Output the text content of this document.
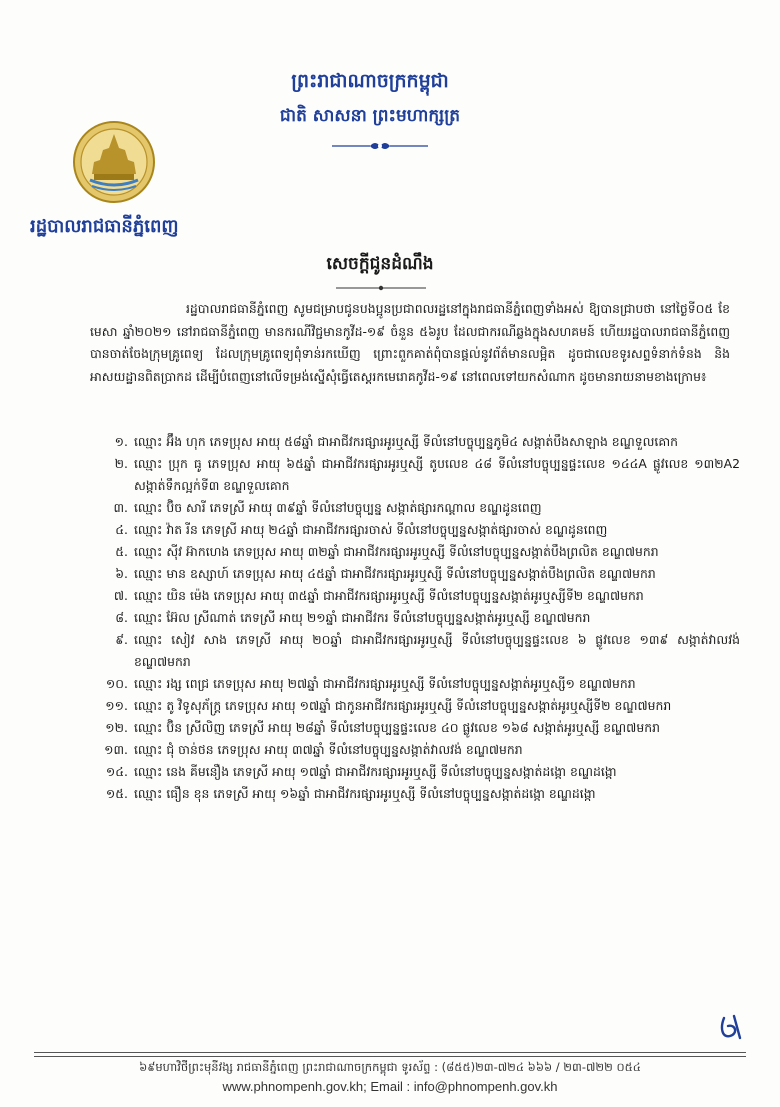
ព្រះរាជាណាចក្រកម្ពុជា
ជាតិ សាសនា ព្រះមហាក្សត្រ
រដ្ឋបាលរាជធានីភ្នំពេញ
សេចក្ដីជូនដំណឹង

រដ្ឋបាលរាជធានីភ្នំពេញ សូមជម្រាបជូនបងប្អូនប្រជាពលរដ្ឋនៅក្នុងរាជធានីភ្នំពេញទាំងអស់ ឱ្យបានជ្រាបថា នៅថ្ងៃទី០៥ ខែមេសា ឆ្នាំ២០២១ នៅរាជធានីភ្នំពេញ មានករណីវិជ្ជមានកូវីដ-១៩ ចំនួន ៥៦រូប ដែលជាករណីឆ្លងក្នុងសហគមន៍ ហើយរដ្ឋបាលរាជធានីភ្នំពេញបានចាត់ចែងក្រុមគ្រូពេទ្យ ដែលក្រុមគ្រូពេទ្យពុំទាន់រកឃើញ ព្រោះពួកគាត់ពុំបានផ្ដល់នូវព័ត៌មានលម្អិត ដូចជាលេខទូរសព្ទទំនាក់ទំនង និងអាសយដ្ឋានពិតប្រាកដ ដើម្បីបំពេញនៅលើទម្រង់ស្នើសុំធ្វើតេស្តរកមេរោគកូវីដ-១៩ នៅពេលទៅយកសំណាក ដូចមានរាយនាមខាងក្រោម៖

១. ឈ្មោះ អ៊ឹង ហុក ភេទប្រុស អាយុ ៥៨ឆ្នាំ ជាអាជីវករផ្សារអូរឬស្សី ទីលំនៅបច្ចុប្បន្នភូមិ៤ សង្កាត់បឹងសាឡាង ខណ្ឌទួលគោក
២. ឈ្មោះ ប្រុក ធូ ភេទប្រុស អាយុ ៦៥ឆ្នាំ ជាអាជីវករផ្សារអូរឬស្សី តូបលេខ ៤៨ ទីលំនៅបច្ចុប្បន្នផ្ទះលេខ ១៤៤A ផ្លូវលេខ ១៣២A2 សង្កាត់ទឹកល្អក់ទី៣ ខណ្ឌទួលគោក
៣. ឈ្មោះ ប៊ិច សារី ភេទស្រី អាយុ ៣៩ឆ្នាំ ទីលំនៅបច្ចុប្បន្ន សង្កាត់ផ្សារកណ្ដាល ខណ្ឌដូនពេញ
៤. ឈ្មោះ វ៉ាត រីន ភេទស្រី អាយុ ២៤ឆ្នាំ ជាអាជីវករផ្សារចាស់ ទីលំនៅបច្ចុប្បន្នសង្កាត់ផ្សារចាស់ ខណ្ឌដូនពេញ
៥. ឈ្មោះ ស៊ីវ អ៊ាកហេង ភេទប្រុស អាយុ ៣២ឆ្នាំ ជាអាជីវករផ្សារអូរឬស្សី ទីលំនៅបច្ចុប្បន្នសង្កាត់បឹងព្រលិត ខណ្ឌ៧មករា
៦. ឈ្មោះ មាន ឧស្សាហ៍ ភេទប្រុស អាយុ ៤៥ឆ្នាំ ជាអាជីវករផ្សារអូរឬស្សី ទីលំនៅបច្ចុប្បន្នសង្កាត់បឹងព្រលិត ខណ្ឌ៧មករា
៧. ឈ្មោះ យិន ម៉េង ភេទប្រុស អាយុ ៣៥ឆ្នាំ ជាអាជីវករផ្សារអូរឬស្សី ទីលំនៅបច្ចុប្បន្នសង្កាត់អូរឬស្សីទី២ ខណ្ឌ៧មករា
៨. ឈ្មោះ អ៊ែល ស្រីណាត់ ភេទស្រី អាយុ ២១ឆ្នាំ ជាអាជីវករ ទីលំនៅបច្ចុប្បន្នសង្កាត់អូរឬស្សី ខណ្ឌ៧មករា
៩. ឈ្មោះ សៀវ សាង ភេទស្រី អាយុ ២០ឆ្នាំ ជាអាជីវករផ្សារអូរឬស្សី ទីលំនៅបច្ចុប្បន្នផ្ទះលេខ ៦ ផ្លូវលេខ ១៣៩ សង្កាត់វាលវង់ ខណ្ឌ៧មករា
១០. ឈ្មោះ រង្ស ពេជ្រ ភេទប្រុស អាយុ ២៧ឆ្នាំ ជាអាជីវករផ្សារអូរឬស្សី ទីលំនៅបច្ចុប្បន្នសង្កាត់អូរឬស្សី១ ខណ្ឌ៧មករា
១១. ឈ្មោះ តូ វិទូសុភ័ក្រ្ត ភេទប្រុស អាយុ ១៧ឆ្នាំ ជាកូនអាជីវករផ្សារអូរឬស្សី ទីលំនៅបច្ចុប្បន្នសង្កាត់អូរឬស្សីទី២ ខណ្ឌ៧មករា
១២. ឈ្មោះ ប៊ិន ស្រីលិញ ភេទស្រី អាយុ ២៨ឆ្នាំ ទីលំនៅបច្ចុប្បន្នផ្ទះលេខ ៤០ ផ្លូវលេខ ១៦៨ សង្កាត់អូរឬស្សី ខណ្ឌ៧មករា
១៣. ឈ្មោះ ជុំ ចាន់ថន ភេទប្រុស អាយុ ៣៧ឆ្នាំ ទីលំនៅបច្ចុប្បន្នសង្កាត់វាលវង់ ខណ្ឌ៧មករា
១៤. ឈ្មោះ នេង គីមនឿង ភេទស្រី អាយុ ១៧ឆ្នាំ ជាអាជីវករផ្សារអូរឬស្សី ទីលំនៅបច្ចុប្បន្នសង្កាត់ដង្កោ ខណ្ឌដង្កោ
១៥. ឈ្មោះ ធឿន ខុន ភេទស្រី អាយុ ១៦ឆ្នាំ ជាអាជីវករផ្សារអូរឬស្សី ទីលំនៅបច្ចុប្បន្នសង្កាត់ដង្កោ ខណ្ឌដង្កោ
៦៩មហាវិថីព្រះមុនីវង្ស រាជធានីភ្នំពេញ ព្រះរាជាណាចក្រកម្ពុជា ទូរស័ព្ទ : (៨៥៥)២៣-៧២៤ ៦៦៦ / ២៣-៧២២ ០៥៤
www.phnompenh.gov.kh; Email : info@phnompenh.gov.kh
